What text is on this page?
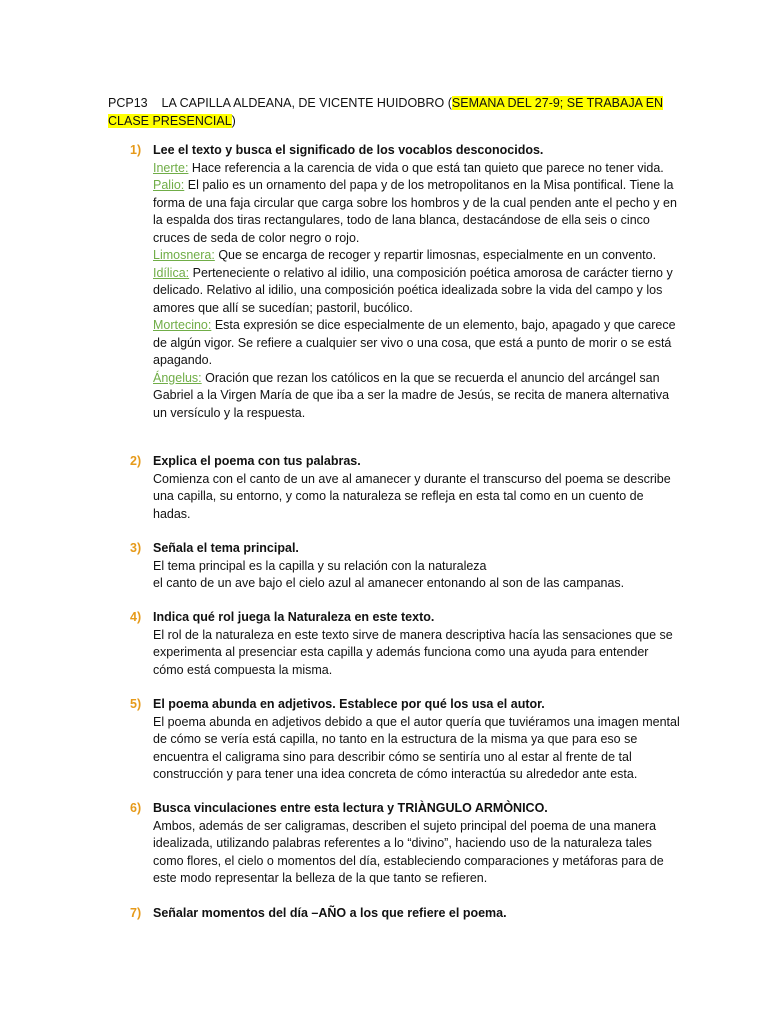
PCP13 LA CAPILLA ALDEANA, DE VICENTE HUIDOBRO (SEMANA DEL 27-9; SE TRABAJA EN CLASE PRESENCIAL)
1) Lee el texto y busca el significado de los vocablos desconocidos.

Inerte: Hace referencia a la carencia de vida o que está tan quieto que parece no tener vida.

Palio: El palio es un ornamento del papa y de los metropolitanos en la Misa pontifical. Tiene la forma de una faja circular que carga sobre los hombros y de la cual penden ante el pecho y en la espalda dos tiras rectangulares, todo de lana blanca, destacándose de ella seis o cinco cruces de seda de color negro o rojo.

Limosnera: Que se encarga de recoger y repartir limosnas, especialmente en un convento.

Idílica: Perteneciente o relativo al idilio, una composición poética amorosa de carácter tierno y delicado. Relativo al idilio, una composición poética idealizada sobre la vida del campo y los amores que allí se sucedían; pastoril, bucólico.

Mortecino: Esta expresión se dice especialmente de un elemento, bajo, apagado y que carece de algún vigor. Se refiere a cualquier ser vivo o una cosa, que está a punto de morir o se está apagando.

Ángelus: Oración que rezan los católicos en la que se recuerda el anuncio del arcángel san Gabriel a la Virgen María de que iba a ser la madre de Jesús, se recita de manera alternativa un versículo y la respuesta.

2) Explica el poema con tus palabras.

Comienza con el canto de un ave al amanecer y durante el transcurso del poema se describe una capilla, su entorno, y como la naturaleza se refleja en esta tal como en un cuento de hadas.

3) Señala el tema principal.

El tema principal es la capilla y su relación con la naturaleza

el canto de un ave bajo el cielo azul al amanecer entonando al son de las campanas.

4) Indica qué rol juega la Naturaleza en este texto.

El rol de la naturaleza en este texto sirve de manera descriptiva hacía las sensaciones que se experimenta al presenciar esta capilla y además funciona como una ayuda para entender cómo está compuesta la misma.

5) El poema abunda en adjetivos. Establece por qué los usa el autor.

El poema abunda en adjetivos debido a que el autor quería que tuviéramos una imagen mental de cómo se vería está capilla, no tanto en la estructura de la misma ya que para eso se encuentra el caligrama sino para describir cómo se sentiría uno al estar al frente de tal construcción y para tener una idea concreta de cómo interactúa su alrededor ante esta.

6) Busca vinculaciones entre esta lectura y TRIÀNGULO ARMÒNICO.

Ambos, además de ser caligramas, describen el sujeto principal del poema de una manera idealizada, utilizando palabras referentes a lo “divino”, haciendo uso de la naturaleza tales como flores, el cielo o momentos del día, estableciendo comparaciones y metáforas para de este modo representar la belleza de la que tanto se refieren.

7) Señalar momentos del día –AÑO a los que refiere el poema.
